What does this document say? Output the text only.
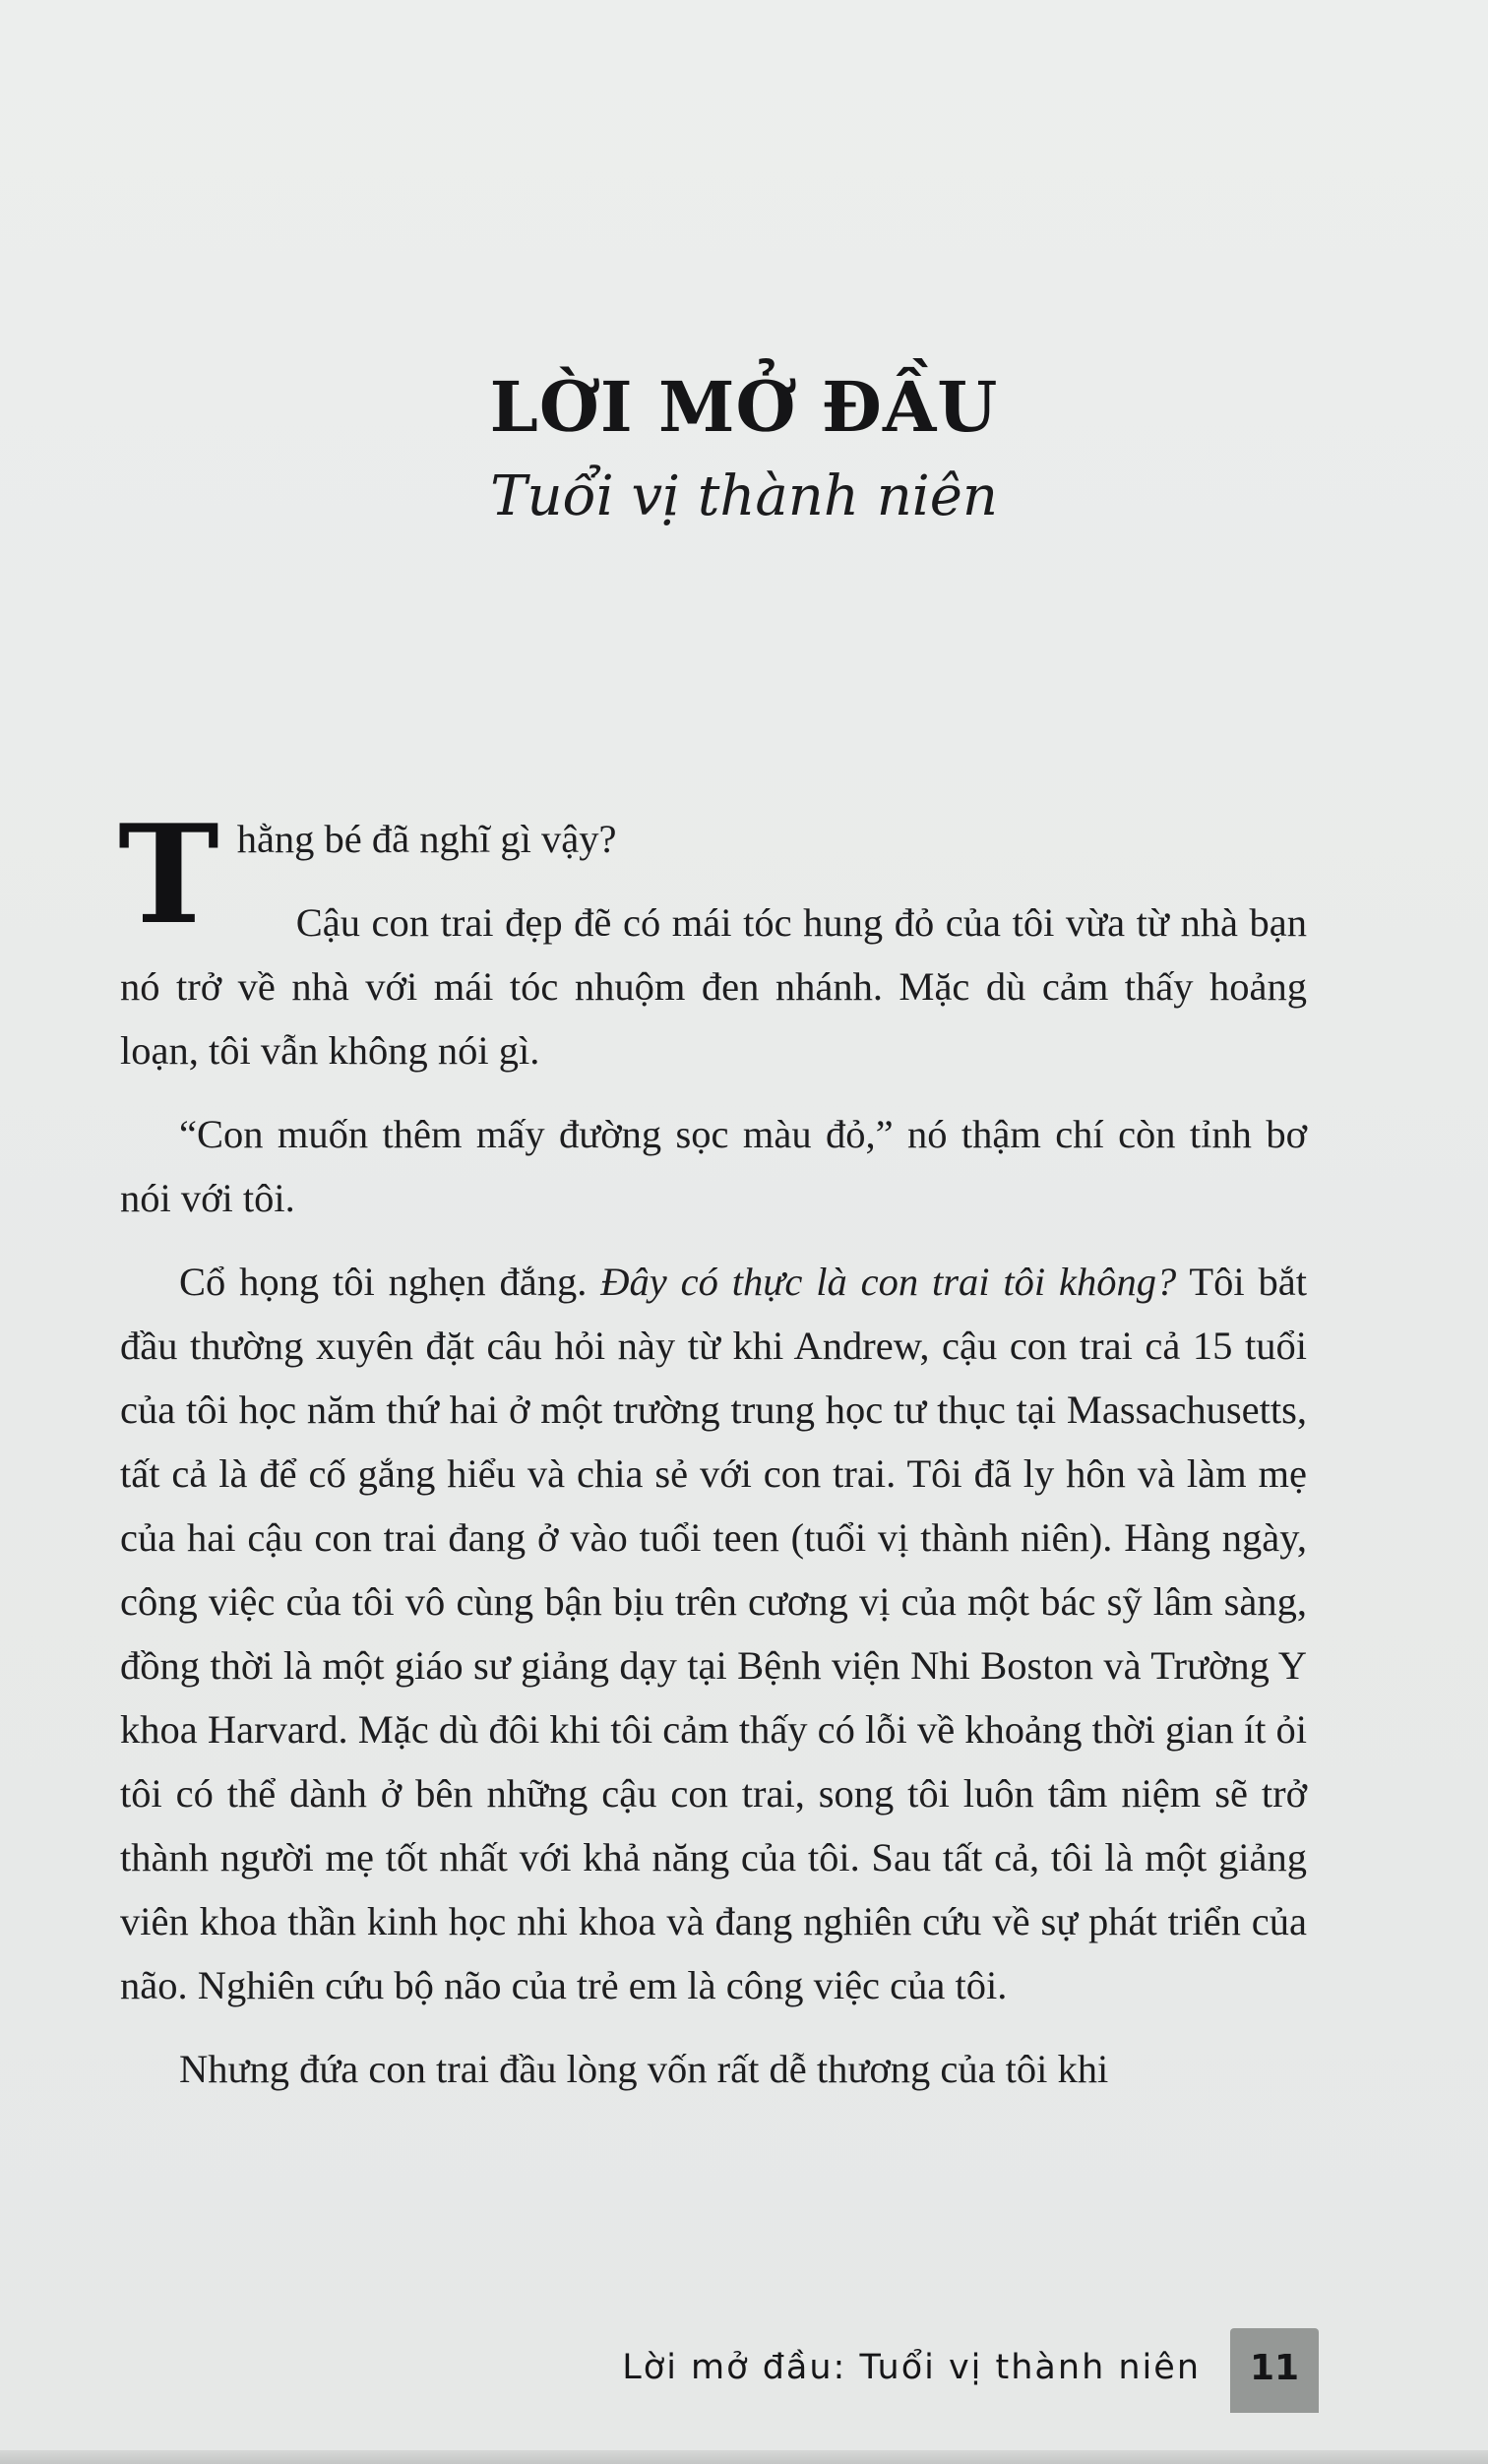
LỜI MỞ ĐẦU
Tuổi vị thành niên

Thằng bé đã nghĩ gì vậy?

Cậu con trai đẹp đẽ có mái tóc hung đỏ của tôi vừa từ nhà bạn nó trở về nhà với mái tóc nhuộm đen nhánh. Mặc dù cảm thấy hoảng loạn, tôi vẫn không nói gì.

“Con muốn thêm mấy đường sọc màu đỏ,” nó thậm chí còn tỉnh bơ nói với tôi.

Cổ họng tôi nghẹn đắng. Đây có thực là con trai tôi không? Tôi bắt đầu thường xuyên đặt câu hỏi này từ khi Andrew, cậu con trai cả 15 tuổi của tôi học năm thứ hai ở một trường trung học tư thục tại Massachusetts, tất cả là để cố gắng hiểu và chia sẻ với con trai. Tôi đã ly hôn và làm mẹ của hai cậu con trai đang ở vào tuổi teen (tuổi vị thành niên). Hàng ngày, công việc của tôi vô cùng bận bịu trên cương vị của một bác sỹ lâm sàng, đồng thời là một giáo sư giảng dạy tại Bệnh viện Nhi Boston và Trường Y khoa Harvard. Mặc dù đôi khi tôi cảm thấy có lỗi về khoảng thời gian ít ỏi tôi có thể dành ở bên những cậu con trai, song tôi luôn tâm niệm sẽ trở thành người mẹ tốt nhất với khả năng của tôi. Sau tất cả, tôi là một giảng viên khoa thần kinh học nhi khoa và đang nghiên cứu về sự phát triển của não. Nghiên cứu bộ não của trẻ em là công việc của tôi.

Nhưng đứa con trai đầu lòng vốn rất dễ thương của tôi khi

Lời mở đầu: Tuổi vị thành niên	11
